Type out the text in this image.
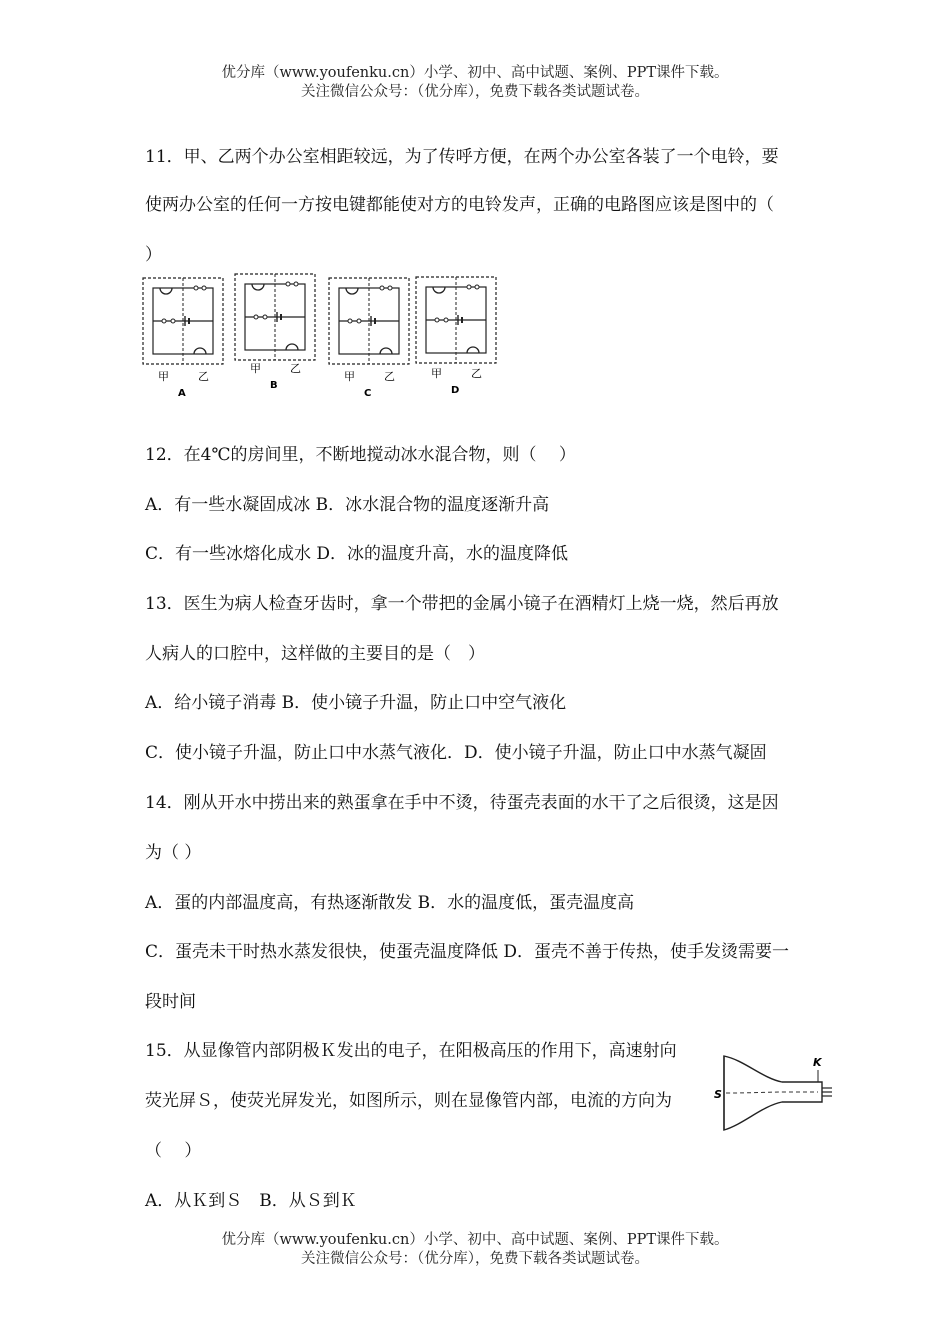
优分库（www.youfenku.cn）小学、初中、高中试题、案例、PPT课件下载。
关注微信公众号：（优分库），免费下载各类试题试卷。
11．甲、乙两个办公室相距较远，为了传呼方便，在两个办公室各装了一个电铃，要
使两办公室的任何一方按电键都能使对方的电铃发声，正确的电路图应该是图中的（
）
甲	乙
A
甲	乙
B
甲	乙
C
甲	乙
D
12．在4℃的房间里，不断地搅动冰水混合物，则（　 ）
A．有一些水凝固成冰 B．冰水混合物的温度逐渐升高
C．有一些冰熔化成水 D．冰的温度升高，水的温度降低
13．医生为病人检查牙齿时，拿一个带把的金属小镜子在酒精灯上烧一烧，然后再放
人病人的口腔中，这样做的主要目的是（　）
A．给小镜子消毒 B．使小镜子升温，防止口中空气液化
C．使小镜子升温，防止口中水蒸气液化．D．使小镜子升温，防止口中水蒸气凝固
14．刚从开水中捞出来的熟蛋拿在手中不烫，待蛋壳表面的水干了之后很烫，这是因
为（ ）
A．蛋的内部温度高，有热逐渐散发 B．水的温度低，蛋壳温度高
C．蛋壳未干时热水蒸发很快，使蛋壳温度降低 D．蛋壳不善于传热，使手发烫需要一
段时间
15．从显像管内部阴极Ｋ发出的电子，在阳极高压的作用下，高速射向
荧光屏Ｓ，使荧光屏发光，如图所示，则在显像管内部，电流的方向为
（　 ）
A．从Ｋ到Ｓ　B．从Ｓ到Ｋ
K
S
优分库（www.youfenku.cn）小学、初中、高中试题、案例、PPT课件下载。
关注微信公众号：（优分库），免费下载各类试题试卷。
